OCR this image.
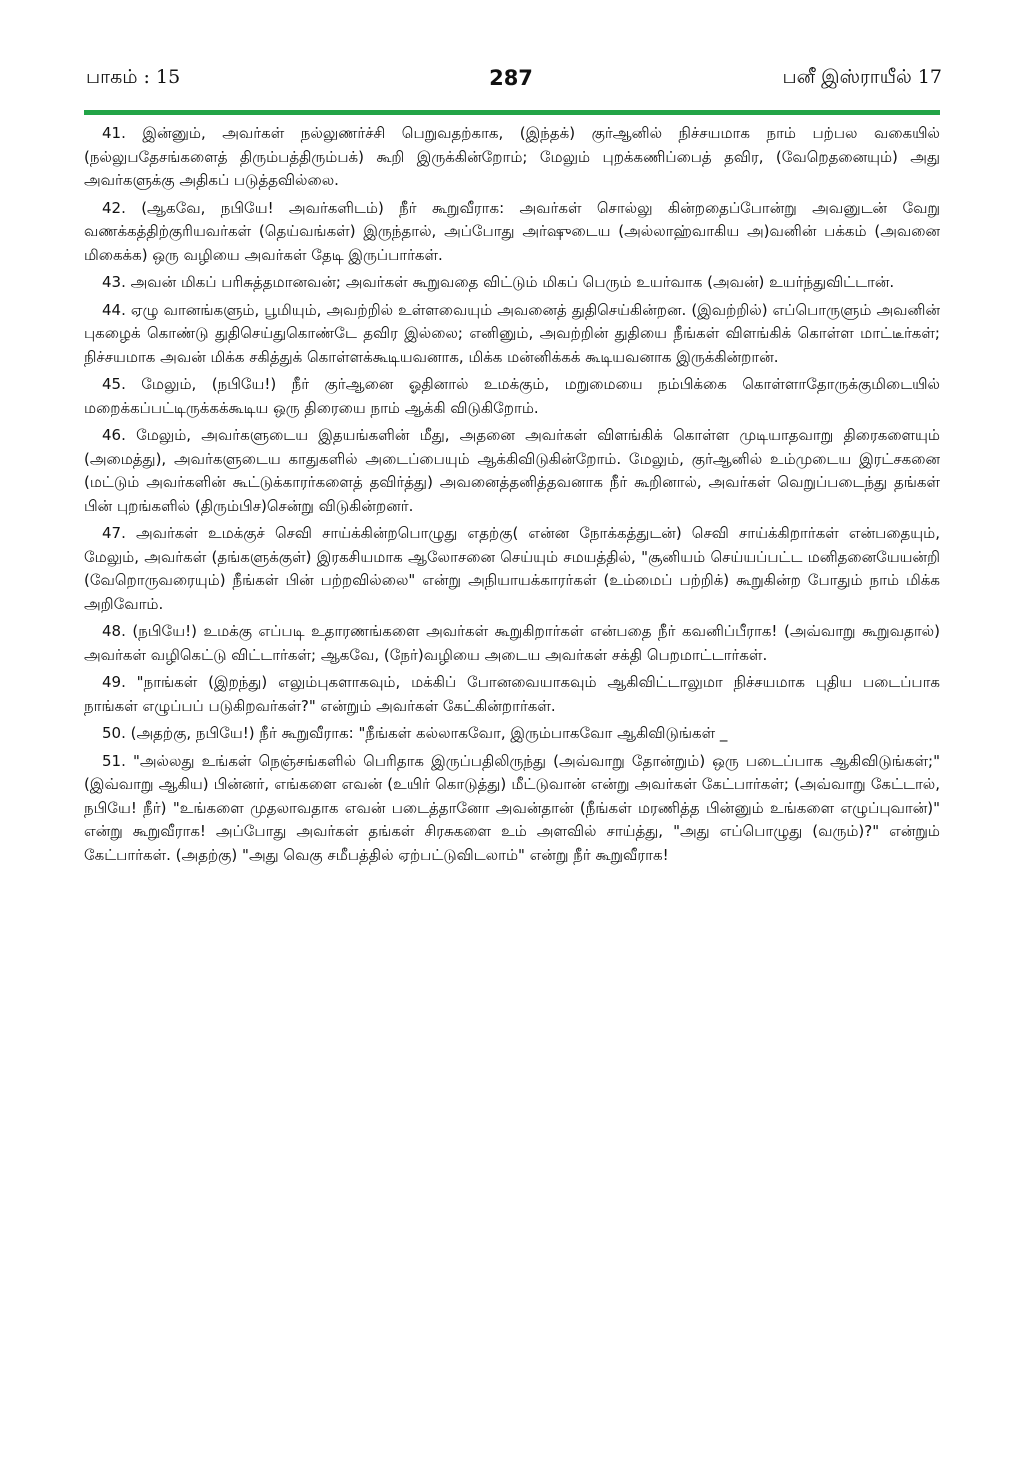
பாகம் : 15	287	பனீ இஸ்ராயீல் 17

41. இன்னும், அவர்கள் நல்லுணர்ச்சி பெறுவதற்காக, (இந்தக்) குர்ஆனில் நிச்சயமாக நாம் பற்பல வகையில் (நல்லுபதேசங்களைத் திரும்பத்திரும்பக்) கூறி இருக்கின்றோம்; மேலும் புறக்கணிப்பைத் தவிர, (வேறெதனையும்) அது அவர்களுக்கு அதிகப் படுத்தவில்லை.

42. (ஆகவே, நபியே! அவர்களிடம்) நீர் கூறுவீராக: அவர்கள் சொல்லு கின்றதைப்போன்று அவனுடன் வேறு வணக்கத்திற்குரியவர்கள் (தெய்வங்கள்) இருந்தால், அப்போது அர்ஷுடைய (அல்லாஹ்வாகிய அ)வனின் பக்கம் (அவனை மிகைக்க) ஒரு வழியை அவர்கள் தேடி இருப்பார்கள்.

43. அவன் மிகப் பரிசுத்தமானவன்; அவர்கள் கூறுவதை விட்டும் மிகப் பெரும் உயர்வாக (அவன்) உயர்ந்துவிட்டான்.

44. ஏழு வானங்களும், பூமியும், அவற்றில் உள்ளவையும் அவனைத் துதிசெய்கின்றன. (இவற்றில்) எப்பொருளும் அவனின் புகழைக் கொண்டு துதிசெய்துகொண்டே தவிர இல்லை; எனினும், அவற்றின் துதியை நீங்கள் விளங்கிக் கொள்ள மாட்டீர்கள்; நிச்சயமாக அவன் மிக்க சகித்துக் கொள்ளக்கூடியவனாக, மிக்க மன்னிக்கக் கூடியவனாக இருக்கின்றான்.

45. மேலும், (நபியே!) நீர் குர்ஆனை ஓதினால் உமக்கும், மறுமையை நம்பிக்கை கொள்ளாதோருக்குமிடையில் மறைக்கப்பட்டிருக்கக்கூடிய ஒரு திரையை நாம் ஆக்கி விடுகிறோம்.

46. மேலும், அவர்களுடைய இதயங்களின் மீது, அதனை அவர்கள் விளங்கிக் கொள்ள முடியாதவாறு திரைகளையும் (அமைத்து), அவர்களுடைய காதுகளில் அடைப்பையும் ஆக்கிவிடுகின்றோம். மேலும், குர்ஆனில் உம்முடைய இரட்சகனை (மட்டும் அவர்களின் கூட்டுக்காரர்களைத் தவிர்த்து) அவனைத்தனித்தவனாக நீர் கூறினால், அவர்கள் வெறுப்படைந்து தங்கள் பின் புறங்களில் (திரும்பிச)சென்று விடுகின்றனர்.

47. அவர்கள் உமக்குச் செவி சாய்க்கின்றபொழுது எதற்கு( என்ன நோக்கத்துடன்) செவி சாய்க்கிறார்கள் என்பதையும், மேலும், அவர்கள் (தங்களுக்குள்) இரகசியமாக ஆலோசனை செய்யும் சமயத்தில், "சூனியம் செய்யப்பட்ட மனிதனையேயன்றி (வேறொருவரையும்) நீங்கள் பின் பற்றவில்லை" என்று அநியாயக்காரர்கள் (உம்மைப் பற்றிக்) கூறுகின்ற போதும் நாம் மிக்க அறிவோம்.

48. (நபியே!) உமக்கு எப்படி உதாரணங்களை அவர்கள் கூறுகிறார்கள் என்பதை நீர் கவனிப்பீராக! (அவ்வாறு கூறுவதால்) அவர்கள் வழிகெட்டு விட்டார்கள்; ஆகவே, (நேர்)வழியை அடைய அவர்கள் சக்தி பெறமாட்டார்கள்.

49. "நாங்கள் (இறந்து) எலும்புகளாகவும், மக்கிப் போனவையாகவும் ஆகிவிட்டாலுமா நிச்சயமாக புதிய படைப்பாக நாங்கள் எழுப்பப் படுகிறவர்கள்?" என்றும் அவர்கள் கேட்கின்றார்கள்.

50. (அதற்கு, நபியே!) நீர் கூறுவீராக: "நீங்கள் கல்லாகவோ, இரும்பாகவோ ஆகிவிடுங்கள் _

51. "அல்லது உங்கள் நெஞ்சங்களில் பெரிதாக இருப்பதிலிருந்து (அவ்வாறு தோன்றும்) ஒரு படைப்பாக ஆகிவிடுங்கள்;" (இவ்வாறு ஆகிய) பின்னர், எங்களை எவன் (உயிர் கொடுத்து) மீட்டுவான் என்று அவர்கள் கேட்பார்கள்; (அவ்வாறு கேட்டால், நபியே! நீர்) "உங்களை முதலாவதாக எவன் படைத்தானோ அவன்தான் (நீங்கள் மரணித்த பின்னும் உங்களை எழுப்புவான்)" என்று கூறுவீராக! அப்போது அவர்கள் தங்கள் சிரசுகளை உம் அளவில் சாய்த்து, "அது எப்பொழுது (வரும்)?" என்றும் கேட்பார்கள். (அதற்கு) "அது வெகு சமீபத்தில் ஏற்பட்டுவிடலாம்" என்று நீர் கூறுவீராக!
